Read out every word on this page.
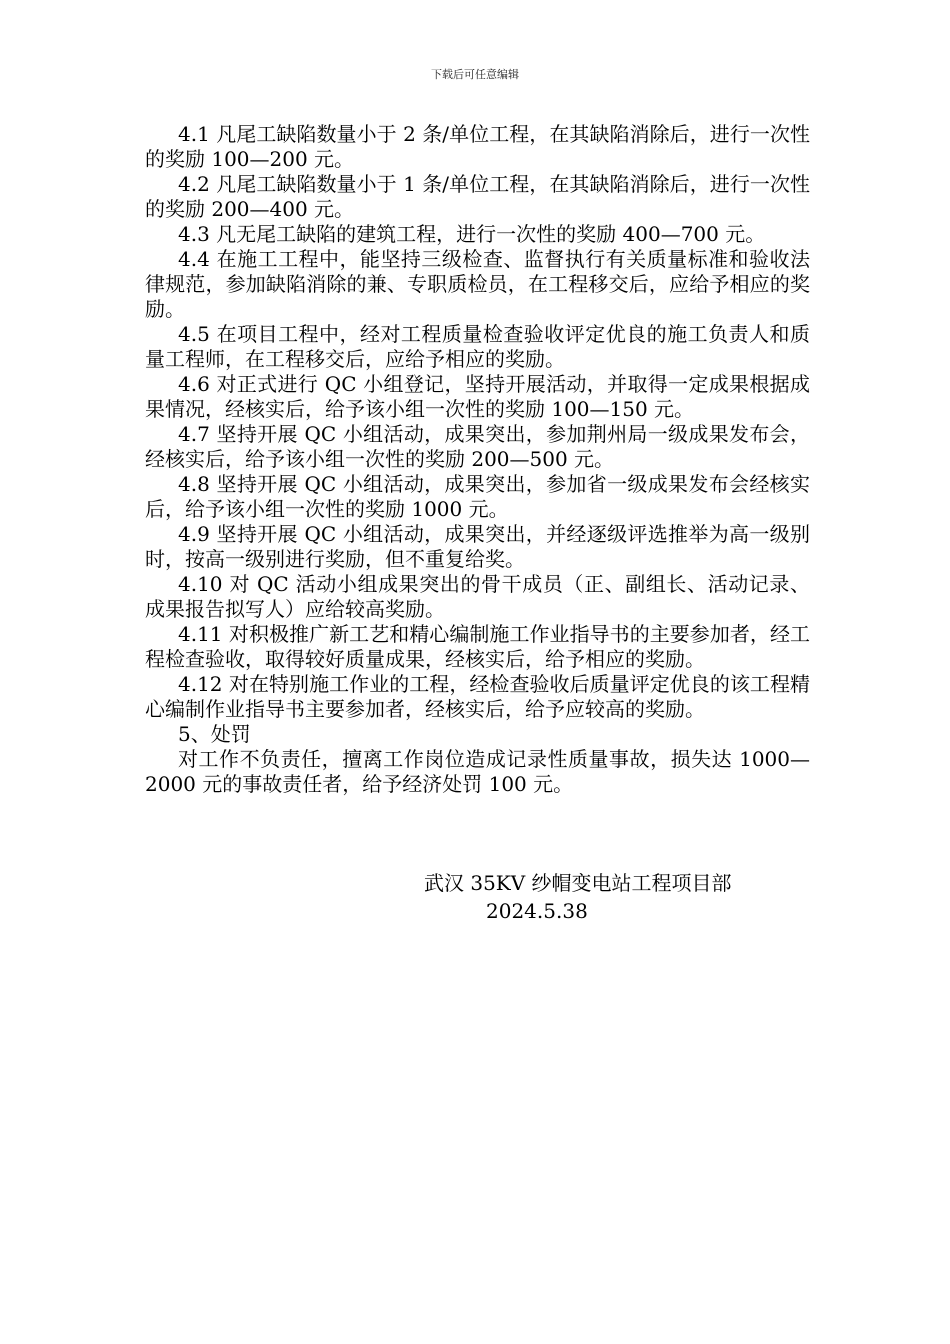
下载后可任意编辑

4.1 凡尾工缺陷数量小于 2 条/单位工程，在其缺陷消除后，进行一次性的奖励 100—200 元。

4.2 凡尾工缺陷数量小于 1 条/单位工程，在其缺陷消除后，进行一次性的奖励 200—400 元。

4.3 凡无尾工缺陷的建筑工程，进行一次性的奖励 400—700 元。

4.4 在施工工程中，能坚持三级检查、监督执行有关质量标准和验收法律规范，参加缺陷消除的兼、专职质检员，在工程移交后，应给予相应的奖励。

4.5 在项目工程中，经对工程质量检查验收评定优良的施工负责人和质量工程师，在工程移交后，应给予相应的奖励。

4.6 对正式进行 QC 小组登记，坚持开展活动，并取得一定成果根据成果情况，经核实后，给予该小组一次性的奖励 100—150 元。

4.7 坚持开展 QC 小组活动，成果突出，参加荆州局一级成果发布会，经核实后，给予该小组一次性的奖励 200—500 元。

4.8 坚持开展 QC 小组活动，成果突出，参加省一级成果发布会经核实后，给予该小组一次性的奖励 1000 元。

4.9 坚持开展 QC 小组活动，成果突出，并经逐级评选推举为高一级别时，按高一级别进行奖励，但不重复给奖。

4.10 对 QC 活动小组成果突出的骨干成员（正、副组长、活动记录、成果报告拟写人）应给较高奖励。

4.11 对积极推广新工艺和精心编制施工作业指导书的主要参加者，经工程检查验收，取得较好质量成果，经核实后，给予相应的奖励。

4.12 对在特别施工作业的工程，经检查验收后质量评定优良的该工程精心编制作业指导书主要参加者，经核实后，给予应较高的奖励。

5、处罚

对工作不负责任，擅离工作岗位造成记录性质量事故，损失达 1000—2000 元的事故责任者，给予经济处罚 100 元。

武汉 35KV 纱帽变电站工程项目部

2024.5.38
